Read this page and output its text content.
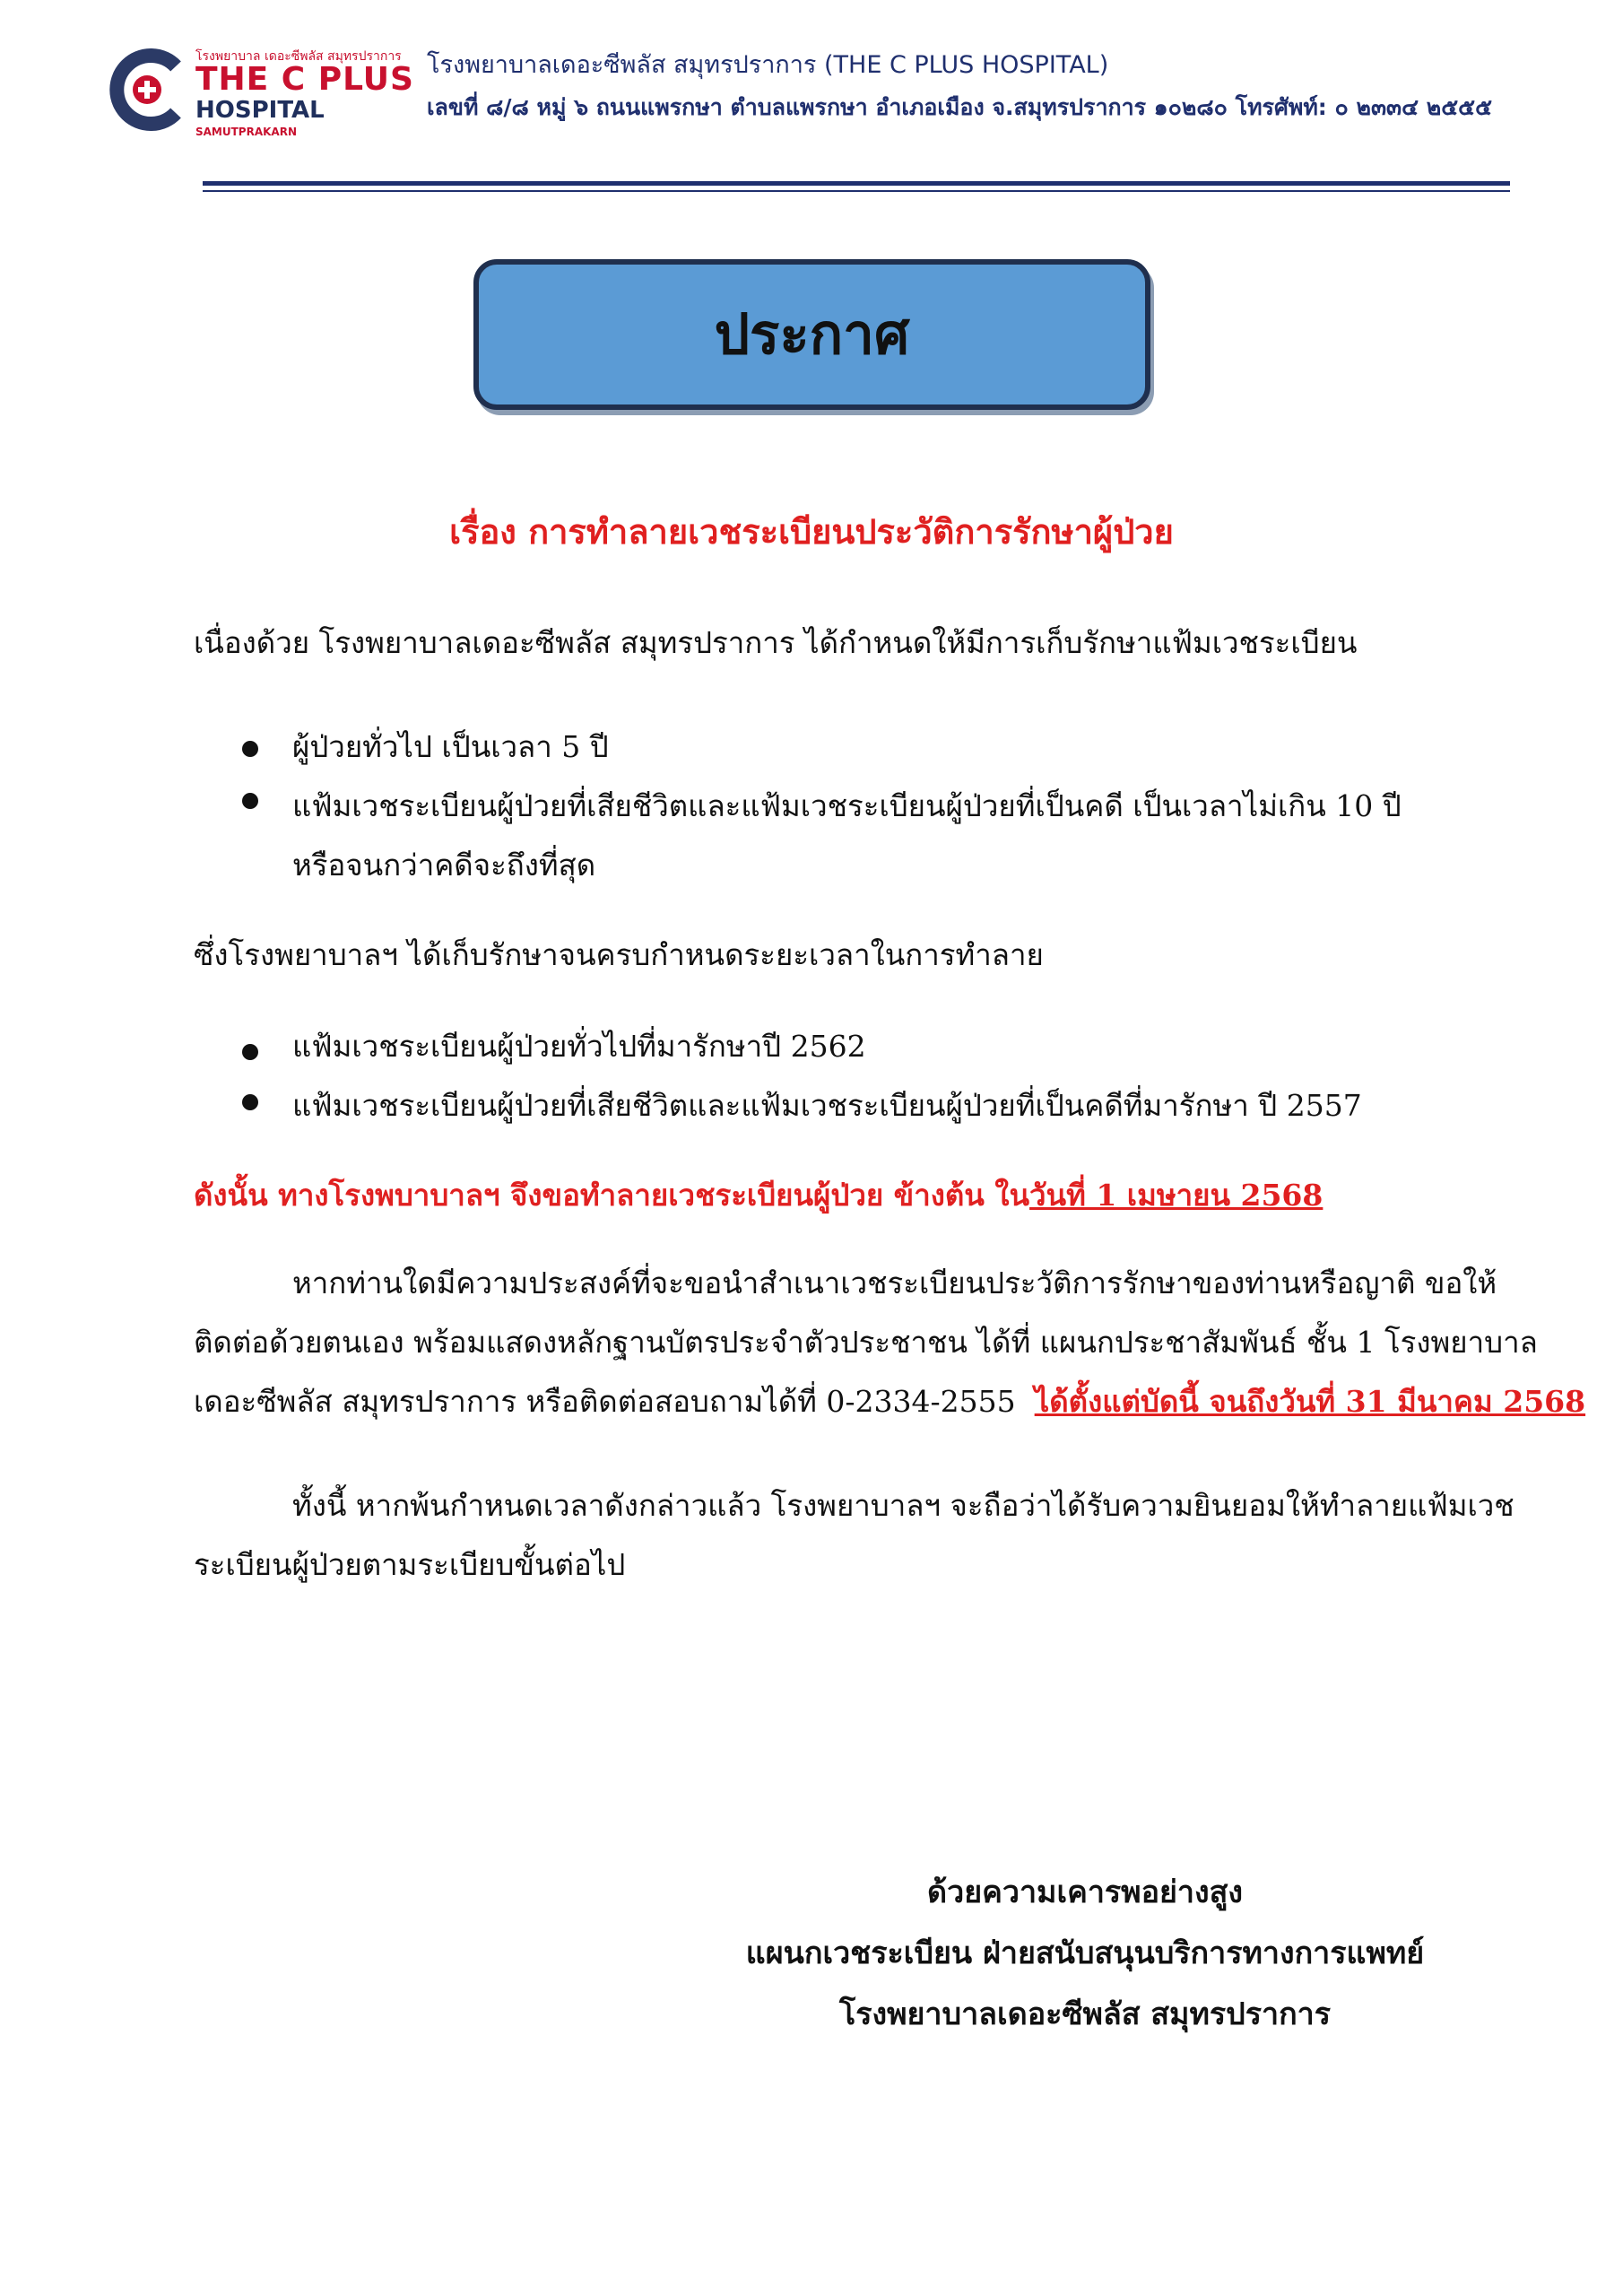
โรงพยาบาล เดอะซีพลัส สมุทรปราการ
THE C PLUS
HOSPITAL
SAMUTPRAKARN
โรงพยาบาลเดอะซีพลัส สมุทรปราการ (THE C PLUS HOSPITAL)
เลขที่ ๘/๘ หมู่ ๖ ถนนแพรกษา ตำบลแพรกษา อำเภอเมือง จ.สมุทรปราการ ๑๐๒๘๐ โทรศัพท์: ๐ ๒๓๓๔ ๒๕๕๕
ประกาศ
เรื่อง การทำลายเวชระเบียนประวัติการรักษาผู้ป่วย
เนื่องด้วย โรงพยาบาลเดอะซีพลัส สมุทรปราการ ได้กำหนดให้มีการเก็บรักษาแฟ้มเวชระเบียน
ผู้ป่วยทั่วไป เป็นเวลา 5 ปี
แฟ้มเวชระเบียนผู้ป่วยที่เสียชีวิตและแฟ้มเวชระเบียนผู้ป่วยที่เป็นคดี เป็นเวลาไม่เกิน 10 ปี
หรือจนกว่าคดีจะถึงที่สุด
ซึ่งโรงพยาบาลฯ ได้เก็บรักษาจนครบกำหนดระยะเวลาในการทำลาย
แฟ้มเวชระเบียนผู้ป่วยทั่วไปที่มารักษาปี 2562
แฟ้มเวชระเบียนผู้ป่วยที่เสียชีวิตและแฟ้มเวชระเบียนผู้ป่วยที่เป็นคดีที่มารักษา ปี 2557
ดังนั้น ทางโรงพบาบาลฯ จึงขอทำลายเวชระเบียนผู้ป่วย ข้างต้น ในวันที่ 1 เมษายน 2568
หากท่านใดมีความประสงค์ที่จะขอนำสำเนาเวชระเบียนประวัติการรักษาของท่านหรือญาติ ขอให้
ติดต่อด้วยตนเอง พร้อมแสดงหลักฐานบัตรประจำตัวประชาชน ได้ที่ แผนกประชาสัมพันธ์ ชั้น 1 โรงพยาบาล
เดอะซีพลัส สมุทรปราการ หรือติดต่อสอบถามได้ที่ 0-2334-2555 ได้ตั้งแต่บัดนี้ จนถึงวันที่ 31 มีนาคม 2568
ทั้งนี้ หากพ้นกำหนดเวลาดังกล่าวแล้ว โรงพยาบาลฯ จะถือว่าได้รับความยินยอมให้ทำลายแฟ้มเวช
ระเบียนผู้ป่วยตามระเบียบขั้นต่อไป
ด้วยความเคารพอย่างสูง
แผนกเวชระเบียน ฝ่ายสนับสนุนบริการทางการแพทย์
โรงพยาบาลเดอะซีพลัส สมุทรปราการ
